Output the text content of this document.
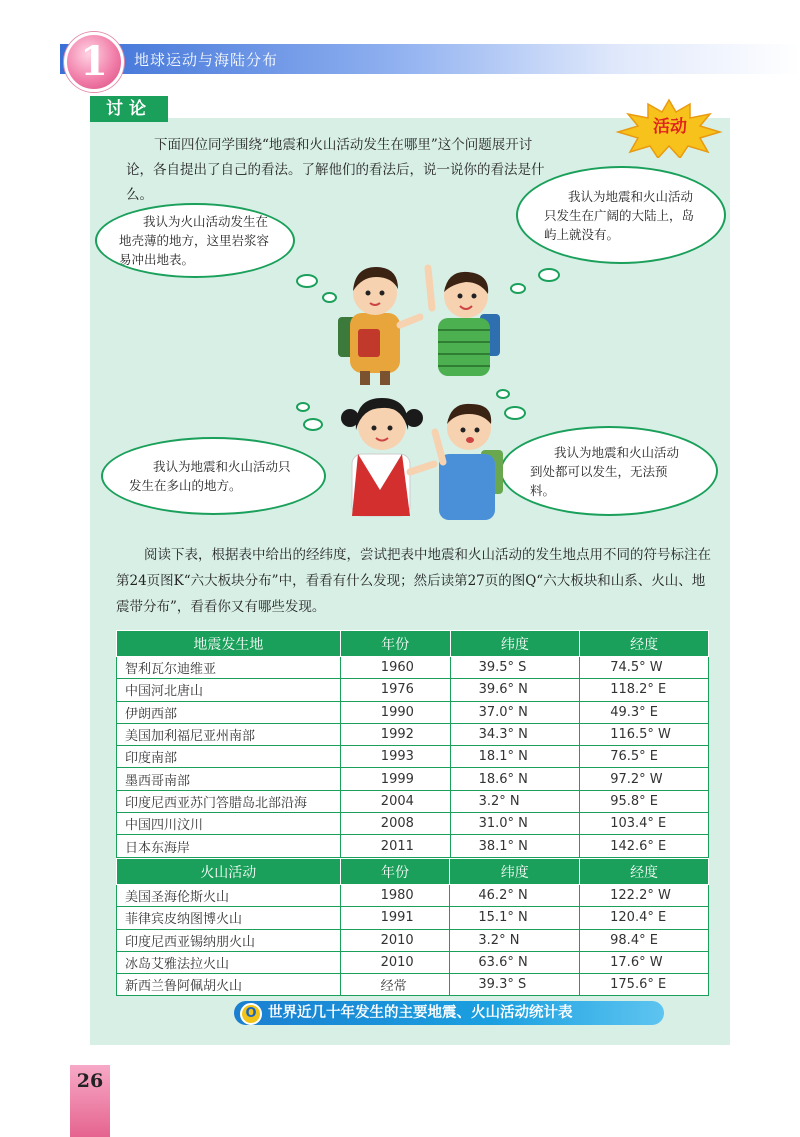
1	地球运动与海陆分布
讨论
活动

下面四位同学围绕“地震和火山活动发生在哪里”这个问题展开讨论，各自提出了自己的看法。了解他们的看法后，说一说你的看法是什么。

我认为火山活动发生在地壳薄的地方，这里岩浆容易冲出地表。
我认为地震和火山活动只发生在广阔的大陆上，岛屿上就没有。
我认为地震和火山活动只发生在多山的地方。
我认为地震和火山活动到处都可以发生，无法预料。

阅读下表，根据表中给出的经纬度，尝试把表中地震和火山活动的发生地点用不同的符号标注在第24页图K“六大板块分布”中，看看有什么发现；然后读第27页的图Q“六大板块和山系、火山、地震带分布”，看看你又有哪些发现。

地震发生地	年份	纬度	经度
智利瓦尔迪维亚	1960	39.5° S	74.5° W
中国河北唐山	1976	39.6° N	118.2° E
伊朗西部	1990	37.0° N	49.3° E
美国加利福尼亚州南部	1992	34.3° N	116.5° W
印度南部	1993	18.1° N	76.5° E
墨西哥南部	1999	18.6° N	97.2° W
印度尼西亚苏门答腊岛北部沿海	2004	3.2° N	95.8° E
中国四川汶川	2008	31.0° N	103.4° E
日本东海岸	2011	38.1° N	142.6° E
火山活动	年份	纬度	经度
美国圣海伦斯火山	1980	46.2° N	122.2° W
菲律宾皮纳图博火山	1991	15.1° N	120.4° E
印度尼西亚锡纳朋火山	2010	3.2° N	98.4° E
冰岛艾雅法拉火山	2010	63.6° N	17.6° W
新西兰鲁阿佩胡火山	经常	39.3° S	175.6° E
世界近几十年发生的主要地震、火山活动统计表
O
26
